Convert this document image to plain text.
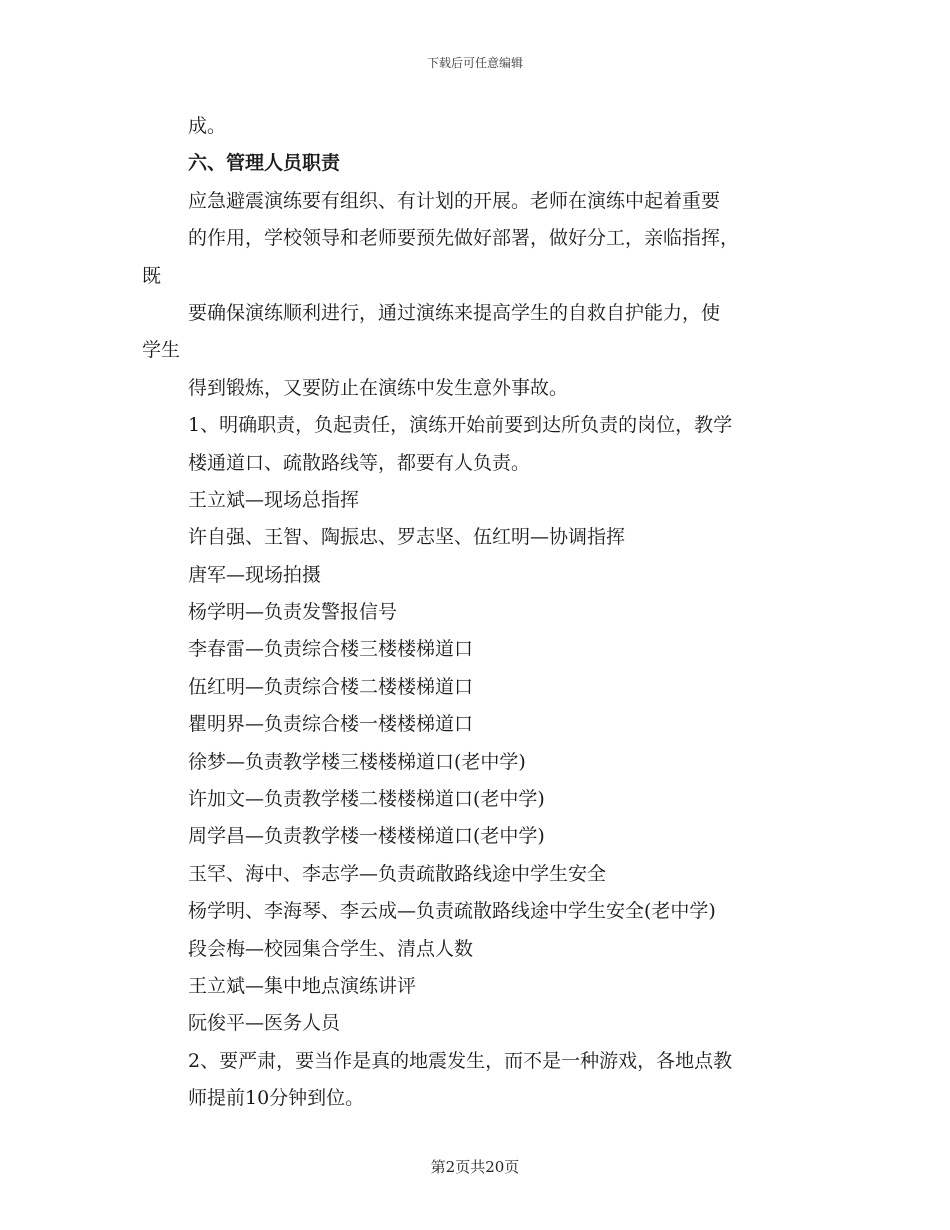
下载后可任意编辑
成。
六、管理人员职责
应急避震演练要有组织、有计划的开展。老师在演练中起着重要
的作用，学校领导和老师要预先做好部署，做好分工，亲临指挥，
既
要确保演练顺利进行，通过演练来提高学生的自救自护能力，使
学生
得到锻炼，又要防止在演练中发生意外事故。
1、明确职责，负起责任，演练开始前要到达所负责的岗位，教学
楼通道口、疏散路线等，都要有人负责。
王立斌—现场总指挥
许自强、王智、陶振忠、罗志坚、伍红明—协调指挥
唐军—现场拍摄
杨学明—负责发警报信号
李春雷—负责综合楼三楼楼梯道口
伍红明—负责综合楼二楼楼梯道口
瞿明界—负责综合楼一楼楼梯道口
徐梦—负责教学楼三楼楼梯道口(老中学)
许加文—负责教学楼二楼楼梯道口(老中学)
周学昌—负责教学楼一楼楼梯道口(老中学)
玉罕、海中、李志学—负责疏散路线途中学生安全
杨学明、李海琴、李云成—负责疏散路线途中学生安全(老中学)
段会梅—校园集合学生、清点人数
王立斌—集中地点演练讲评
阮俊平—医务人员
2、要严肃，要当作是真的地震发生，而不是一种游戏，各地点教
师提前10分钟到位。
第2页共20页
